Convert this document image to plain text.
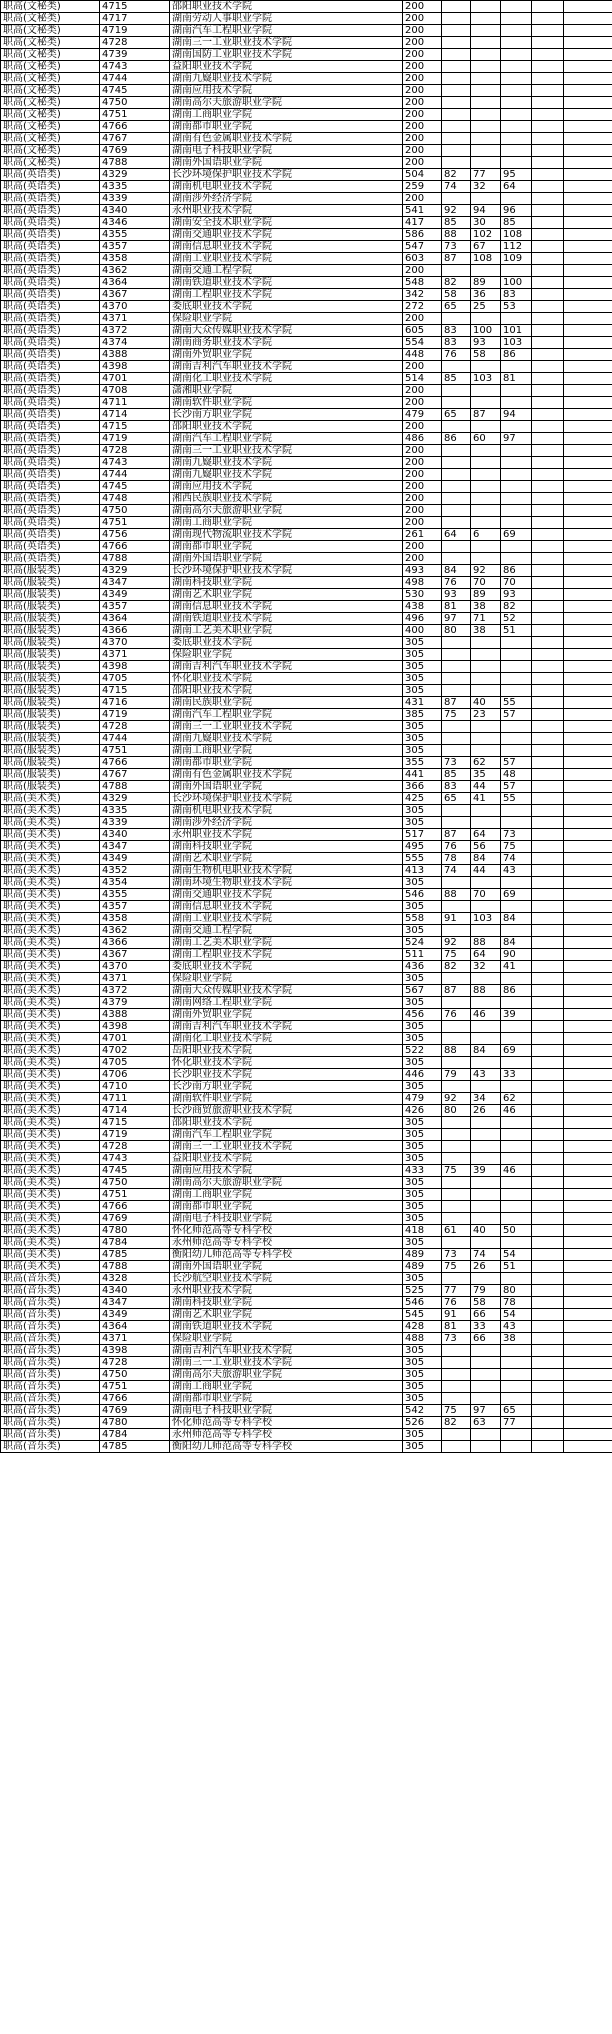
职高(文秘类)	4715	邵阳职业技术学院	200					
职高(文秘类)	4717	湖南劳动人事职业学院	200					
职高(文秘类)	4719	湖南汽车工程职业学院	200					
职高(文秘类)	4728	湖南三一工业职业技术学院	200					
职高(文秘类)	4739	湖南国防工业职业技术学院	200					
职高(文秘类)	4743	益阳职业技术学院	200					
职高(文秘类)	4744	湖南九嶷职业技术学院	200					
职高(文秘类)	4745	湖南应用技术学院	200					
职高(文秘类)	4750	湖南高尔夫旅游职业学院	200					
职高(文秘类)	4751	湖南工商职业学院	200					
职高(文秘类)	4766	湖南都市职业学院	200					
职高(文秘类)	4767	湖南有色金属职业技术学院	200					
职高(文秘类)	4769	湖南电子科技职业学院	200					
职高(文秘类)	4788	湖南外国语职业学院	200					
职高(英语类)	4329	长沙环境保护职业技术学院	504	82	77	95		
职高(英语类)	4335	湖南机电职业技术学院	259	74	32	64		
职高(英语类)	4339	湖南涉外经济学院	200					
职高(英语类)	4340	永州职业技术学院	541	92	94	96		
职高(英语类)	4346	湖南安全技术职业学院	417	85	30	85		
职高(英语类)	4355	湖南交通职业技术学院	586	88	102	108		
职高(英语类)	4357	湖南信息职业技术学院	547	73	67	112		
职高(英语类)	4358	湖南工业职业技术学院	603	87	108	109		
职高(英语类)	4362	湖南交通工程学院	200					
职高(英语类)	4364	湖南铁道职业技术学院	548	82	89	100		
职高(英语类)	4367	湖南工程职业技术学院	342	58	36	83		
职高(英语类)	4370	娄底职业技术学院	272	65	25	53		
职高(英语类)	4371	保险职业学院	200					
职高(英语类)	4372	湖南大众传媒职业技术学院	605	83	100	101		
职高(英语类)	4374	湖南商务职业技术学院	554	83	93	103		
职高(英语类)	4388	湖南外贸职业学院	448	76	58	86		
职高(英语类)	4398	湖南吉利汽车职业技术学院	200					
职高(英语类)	4701	湖南化工职业技术学院	514	85	103	81		
职高(英语类)	4708	潇湘职业学院	200					
职高(英语类)	4711	湖南软件职业学院	200					
职高(英语类)	4714	长沙南方职业学院	479	65	87	94		
职高(英语类)	4715	邵阳职业技术学院	200					
职高(英语类)	4719	湖南汽车工程职业学院	486	86	60	97		
职高(英语类)	4728	湖南三一工业职业技术学院	200					
职高(英语类)	4743	湖南九嶷职业技术学院	200					
职高(英语类)	4744	湖南九嶷职业技术学院	200					
职高(英语类)	4745	湖南应用技术学院	200					
职高(英语类)	4748	湘西民族职业技术学院	200					
职高(英语类)	4750	湖南高尔夫旅游职业学院	200					
职高(英语类)	4751	湖南工商职业学院	200					
职高(英语类)	4756	湖南现代物流职业技术学院	261	64	6	69		
职高(英语类)	4766	湖南都市职业学院	200					
职高(英语类)	4788	湖南外国语职业学院	200					
职高(服装类)	4329	长沙环境保护职业技术学院	493	84	92	86		
职高(服装类)	4347	湖南科技职业学院	498	76	70	70		
职高(服装类)	4349	湖南艺术职业学院	530	93	89	93		
职高(服装类)	4357	湖南信息职业技术学院	438	81	38	82		
职高(服装类)	4364	湖南铁道职业技术学院	496	97	71	52		
职高(服装类)	4366	湖南工艺美术职业学院	400	80	38	51		
职高(服装类)	4370	娄底职业技术学院	305					
职高(服装类)	4371	保险职业学院	305					
职高(服装类)	4398	湖南吉利汽车职业技术学院	305					
职高(服装类)	4705	怀化职业技术学院	305					
职高(服装类)	4715	邵阳职业技术学院	305					
职高(服装类)	4716	湖南民族职业学院	431	87	40	55		
职高(服装类)	4719	湖南汽车工程职业学院	385	75	23	57		
职高(服装类)	4728	湖南三一工业职业技术学院	305					
职高(服装类)	4744	湖南九嶷职业技术学院	305					
职高(服装类)	4751	湖南工商职业学院	305					
职高(服装类)	4766	湖南都市职业学院	355	73	62	57		
职高(服装类)	4767	湖南有色金属职业技术学院	441	85	35	48		
职高(服装类)	4788	湖南外国语职业学院	366	83	44	57		
职高(美术类)	4329	长沙环境保护职业技术学院	425	65	41	55		
职高(美术类)	4335	湖南机电职业技术学院	305					
职高(美术类)	4339	湖南涉外经济学院	305					
职高(美术类)	4340	永州职业技术学院	517	87	64	73		
职高(美术类)	4347	湖南科技职业学院	495	76	56	75		
职高(美术类)	4349	湖南艺术职业学院	555	78	84	74		
职高(美术类)	4352	湖南生物机电职业技术学院	413	74	44	43		
职高(美术类)	4354	湖南环境生物职业技术学院	305					
职高(美术类)	4355	湖南交通职业技术学院	546	88	70	69		
职高(美术类)	4357	湖南信息职业技术学院	305					
职高(美术类)	4358	湖南工业职业技术学院	558	91	103	84		
职高(美术类)	4362	湖南交通工程学院	305					
职高(美术类)	4366	湖南工艺美术职业学院	524	92	88	84		
职高(美术类)	4367	湖南工程职业技术学院	511	75	64	90		
职高(美术类)	4370	娄底职业技术学院	436	82	32	41		
职高(美术类)	4371	保险职业学院	305					
职高(美术类)	4372	湖南大众传媒职业技术学院	567	87	88	86		
职高(美术类)	4379	湖南网络工程职业学院	305					
职高(美术类)	4388	湖南外贸职业学院	456	76	46	39		
职高(美术类)	4398	湖南吉利汽车职业技术学院	305					
职高(美术类)	4701	湖南化工职业技术学院	305					
职高(美术类)	4702	岳阳职业技术学院	522	88	84	69		
职高(美术类)	4705	怀化职业技术学院	305					
职高(美术类)	4706	长沙职业技术学院	446	79	43	33		
职高(美术类)	4710	长沙南方职业学院	305					
职高(美术类)	4711	湖南软件职业学院	479	92	34	62		
职高(美术类)	4714	长沙商贸旅游职业技术学院	426	80	26	46		
职高(美术类)	4715	邵阳职业技术学院	305					
职高(美术类)	4719	湖南汽车工程职业学院	305					
职高(美术类)	4728	湖南三一工业职业技术学院	305					
职高(美术类)	4743	益阳职业技术学院	305					
职高(美术类)	4745	湖南应用技术学院	433	75	39	46		
职高(美术类)	4750	湖南高尔夫旅游职业学院	305					
职高(美术类)	4751	湖南工商职业学院	305					
职高(美术类)	4766	湖南都市职业学院	305					
职高(美术类)	4769	湖南电子科技职业学院	305					
职高(美术类)	4780	怀化师范高等专科学校	418	61	40	50		
职高(美术类)	4784	永州师范高等专科学校	305					
职高(美术类)	4785	衡阳幼儿师范高等专科学校	489	73	74	54		
职高(美术类)	4788	湖南外国语职业学院	489	75	26	51		
职高(音乐类)	4328	长沙航空职业技术学院	305					
职高(音乐类)	4340	永州职业技术学院	525	77	79	80		
职高(音乐类)	4347	湖南科技职业学院	546	76	58	78		
职高(音乐类)	4349	湖南艺术职业学院	545	91	66	54		
职高(音乐类)	4364	湖南铁道职业技术学院	428	81	33	43		
职高(音乐类)	4371	保险职业学院	488	73	66	38		
职高(音乐类)	4398	湖南吉利汽车职业技术学院	305					
职高(音乐类)	4728	湖南三一工业职业技术学院	305					
职高(音乐类)	4750	湖南高尔夫旅游职业学院	305					
职高(音乐类)	4751	湖南工商职业学院	305					
职高(音乐类)	4766	湖南都市职业学院	305					
职高(音乐类)	4769	湖南电子科技职业学院	542	75	97	65		
职高(音乐类)	4780	怀化师范高等专科学校	526	82	63	77		
职高(音乐类)	4784	永州师范高等专科学校	305					
职高(音乐类)	4785	衡阳幼儿师范高等专科学校	305					
